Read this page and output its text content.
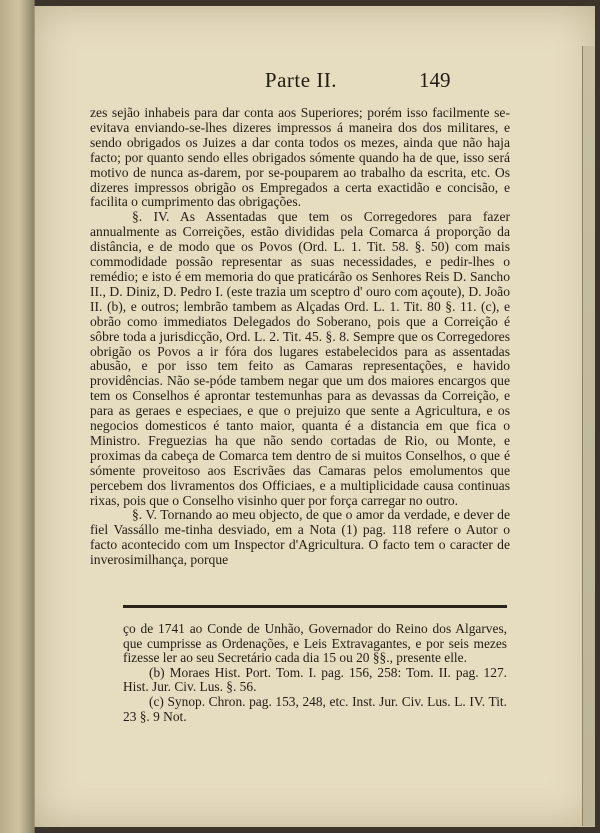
Parte II.	149

zes sejão inhabeis para dar conta aos Superiores; porém isso facilmente se-evitava enviando-se-lhes dizeres impressos á maneira dos dos militares, e sendo obrigados os Juizes a dar conta todos os mezes, ainda que não haja facto; por quanto sendo elles obrigados sómente quando ha de que, isso será motivo de nunca as-darem, por se-pouparem ao trabalho da escrita, etc. Os dizeres impressos obrigão os Empregados a certa exactidão e concisão, e facilita o cumprimento das obrigações.

§. IV. As Assentadas que tem os Corregedores para fazer annualmente as Correições, estão divididas pela Comarca á proporção da distância, e de modo que os Povos (Ord. L. 1. Tit. 58. §. 50) com mais commodidade possão representar as suas necessidades, e pedir-lhes o remédio; e isto é em memoria do que praticárão os Senhores Reis D. Sancho II., D. Diniz, D. Pedro I. (este trazia um sceptro d' ouro com açoute), D. João II. (b), e outros; lembrão tambem as Alçadas Ord. L. 1. Tit. 80 §. 11. (c), e obrão como immediatos Delegados do Soberano, pois que a Correição é sôbre toda a jurisdicção, Ord. L. 2. Tit. 45. §. 8. Sempre que os Corregedores obrigão os Povos a ir fóra dos lugares estabelecidos para as assentadas abusão, e por isso tem feito as Camaras representações, e havido providências. Não se-póde tambem negar que um dos maiores encargos que tem os Conselhos é aprontar testemunhas para as devassas da Correição, e para as geraes e especiaes, e que o prejuizo que sente a Agricultura, e os negocios domesticos é tanto maior, quanta é a distancia em que fica o Ministro. Freguezias ha que não sendo cortadas de Rio, ou Monte, e proximas da cabeça de Comarca tem dentro de si muitos Conselhos, o que é sómente proveitoso aos Escrivães das Camaras pelos emolumentos que percebem dos livramentos dos Officiaes, e a multiplicidade causa continuas rixas, pois que o Conselho visinho quer por força carregar no outro.

§. V. Tornando ao meu objecto, de que o amor da verdade, e dever de fiel Vassállo me-tinha desviado, em a Nota (1) pag. 118 refere o Autor o facto acontecido com um Inspector d'Agricultura. O facto tem o caracter de inverosimilhança, porque

ço de 1741 ao Conde de Unhão, Governador do Reino dos Algarves, que cumprisse as Ordenações, e Leis Extravagantes, e por seis mezes fizesse ler ao seu Secretário cada dia 15 ou 20 §§., presente elle.

(b) Moraes Hist. Port. Tom. I. pag. 156, 258: Tom. II. pag. 127. Hist. Jur. Civ. Lus. §. 56.

(c) Synop. Chron. pag. 153, 248, etc. Inst. Jur. Civ. Lus. L. IV. Tit. 23 §. 9 Not.
